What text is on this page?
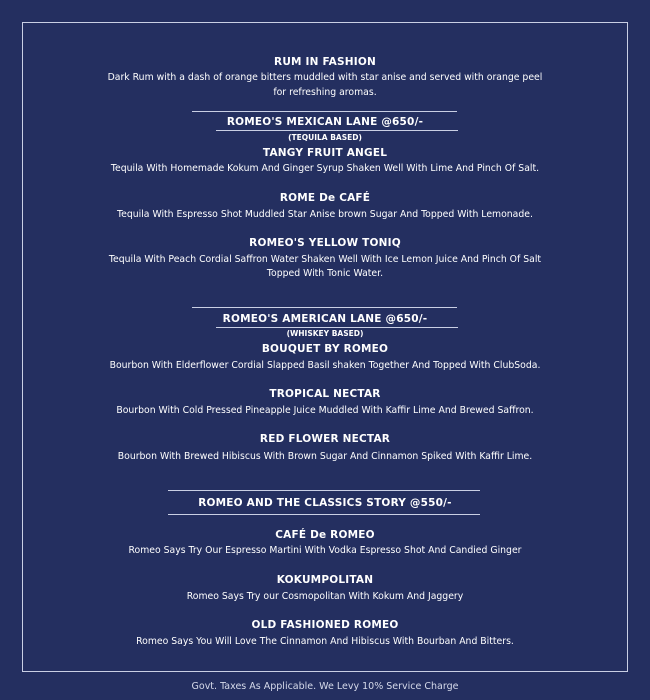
RUM IN FASHION
Dark Rum with a dash of orange bitters muddled with star anise and served with orange peel
for refreshing aromas.
ROMEO'S MEXICAN LANE @650/-
(TEQUILA BASED)
TANGY FRUIT ANGEL
Tequila With Homemade Kokum And Ginger Syrup Shaken Well With Lime And Pinch Of Salt.
ROME De CAFÉ
Tequila With Espresso Shot Muddled Star Anise brown Sugar And Topped With Lemonade.
ROMEO'S YELLOW TONIQ
Tequila With Peach Cordial Saffron Water Shaken Well With Ice Lemon Juice And Pinch Of Salt
Topped With Tonic Water.
ROMEO'S AMERICAN LANE @650/-
(WHISKEY BASED)
BOUQUET BY ROMEO
Bourbon With Elderflower Cordial Slapped Basil shaken Together And Topped With ClubSoda.
TROPICAL NECTAR
Bourbon With Cold Pressed Pineapple Juice Muddled With Kaffir Lime And Brewed Saffron.
RED FLOWER NECTAR
Bourbon With Brewed Hibiscus With Brown Sugar And Cinnamon Spiked With Kaffir Lime.
ROMEO AND THE CLASSICS STORY @550/-
CAFÉ De ROMEO
Romeo Says Try Our Espresso Martini With Vodka Espresso Shot And Candied Ginger
KOKUMPOLITAN
Romeo Says Try our Cosmopolitan With Kokum And Jaggery
OLD FASHIONED ROMEO
Romeo Says You Will Love The Cinnamon And Hibiscus With Bourban And Bitters.
Govt. Taxes As Applicable. We Levy 10% Service Charge
